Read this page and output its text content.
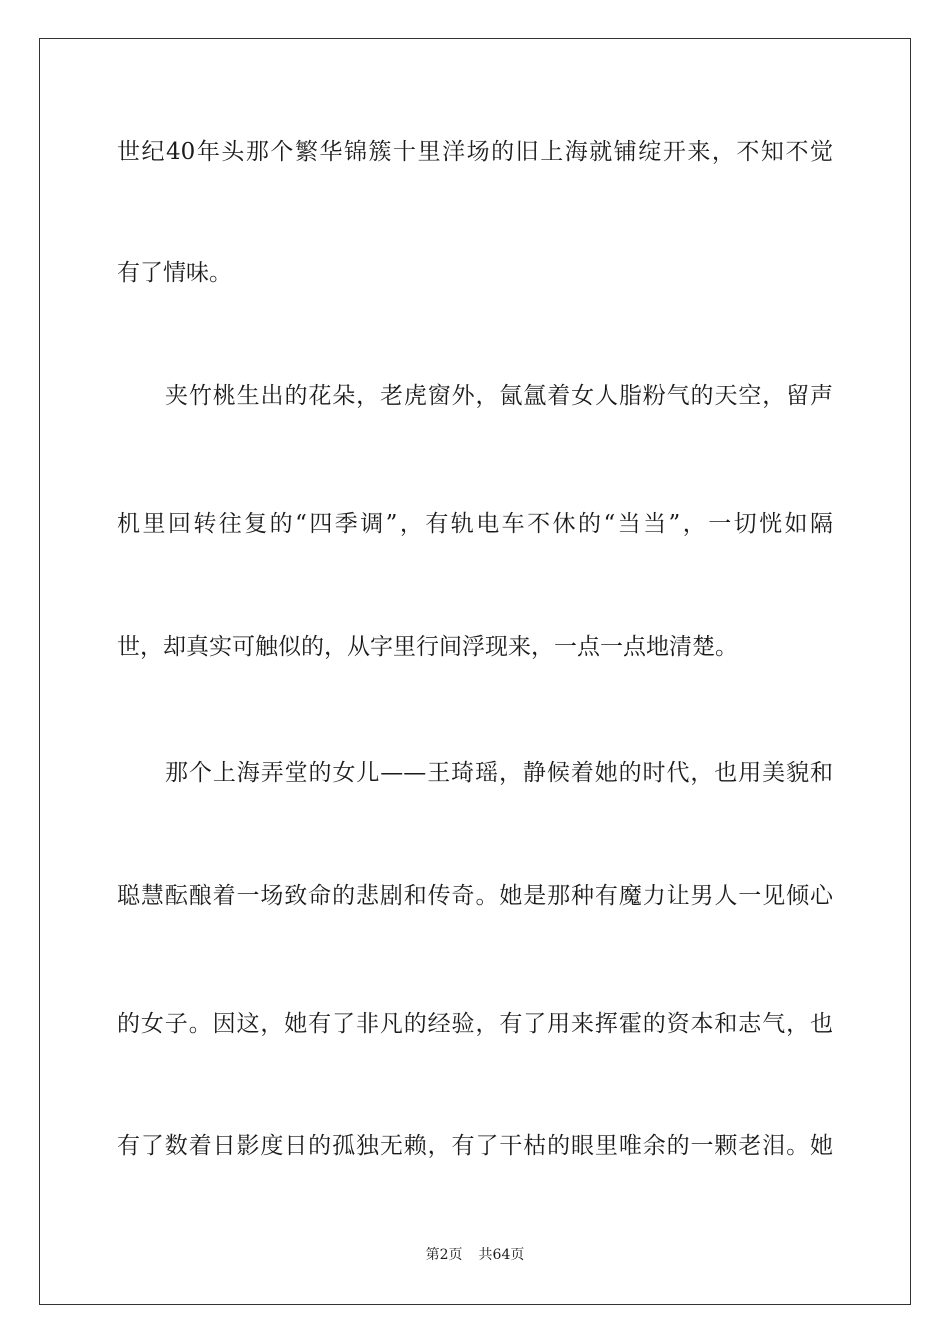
世纪40年头那个繁华锦簇十里洋场的旧上海就铺绽开来，不知不觉
有了情味。
夹竹桃生出的花朵，老虎窗外，氤氲着女人脂粉气的天空，留声
机里回转往复的“四季调”，有轨电车不休的“当当”，一切恍如隔
世，却真实可触似的，从字里行间浮现来，一点一点地清楚。
那个上海弄堂的女儿——王琦瑶，静候着她的时代，也用美貌和
聪慧酝酿着一场致命的悲剧和传奇。她是那种有魔力让男人一见倾心
的女子。因这，她有了非凡的经验，有了用来挥霍的资本和志气，也
有了数着日影度日的孤独无赖，有了干枯的眼里唯余的一颗老泪。她
第2页 共64页
